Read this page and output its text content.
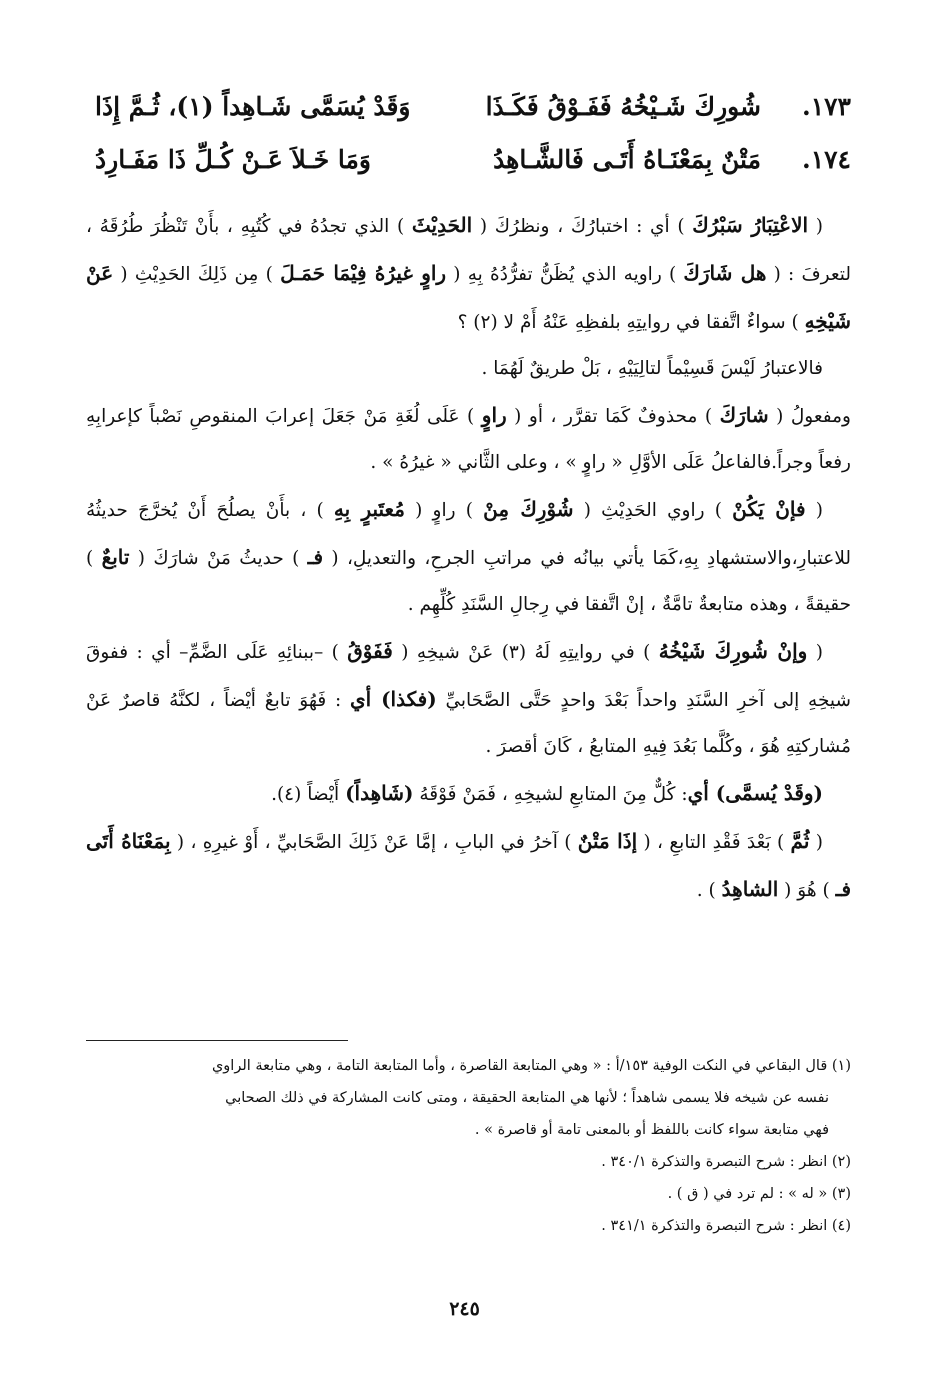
١٧٣.
شُورِكَ شَـيْخُهُ فَفَـوْقُ فَكَـذَا
وَقَدْ يُسَمَّى شَـاهِداً (١)، ثُـمَّ إِذَا
١٧٤.
مَتْنٌ بِمَعْنَـاهُ أَتَـى فَالشَّـاهِدُ
وَمَا خَـلاَ عَـنْ كُـلِّ ذَا مَفَـارِدُ

( الاعْتِبَارُ سَبْرُكَ ) أي : اختبارُكَ ، ونظرُكَ ( الحَدِيْثَ ) الذي تجدُهُ في كُتُبِهِ ، بأَنْ تَنْظُرَ طُرُقَهُ ، لتعرفَ : ( هل شَارَكَ ) راويه الذي يُظَنُّ تفرُّدُهُ بِهِ ( راوٍ غيرُهُ فِيْمَا حَمَـلَ ) مِن ذَلِكَ الحَدِيْثِ ( عَنْ شَيْخِهِ ) سواءٌ اتَّفقا في روايتِهِ بلفظِهِ عَنْهُ أَمْ لا (٢) ؟

فالاعتبارُ لَيْسَ قَسِيْماً لتالِيَيْهِ ، بَلْ طريقٌ لَهُمَا .

ومفعولُ ( شارَكَ ) محذوفٌ كَمَا تقرَّر ، أو ( راوٍ ) عَلَى لُغَةِ مَنْ جَعَلَ إعرابَ المنقوصِ نَصْباً كإعرابِهِ رفعاً وجراً.فالفاعلُ عَلَى الأوَّلِ « راوٍ » ، وعلى الثَّاني « غيرُهُ » .

( فإنْ يَكُنْ ) راوي الحَدِيْثِ ( شُوْرِكَ مِنْ ) راوٍ ( مُعتَبرٍ بِهِ ) ، بأَنْ يصلُحَ أَنْ يُخرَّجَ حديثُهُ للاعتبارِ،والاستشهادِ بِهِ،كَمَا يأتي بيانُه في مراتبِ الجرحِ، والتعديلِ، ( فـ ) حديثُ مَنْ شارَكَ ( تابعٌ ) حقيقةً ، وهذه متابعةٌ تامَّةٌ ، إنْ اتَّفقا في رِجالِ السَّنَدِ كُلِّهِم .

( وإنْ شُورِكَ شَيْخُهُ ) في روايتِهِ لَهُ (٣) عَنْ شيخِهِ ( فَفَوْقُ ) –ببنائِهِ عَلَى الضَّمِّ– أي : ففوقَ شيخِهِ إلى آخرِ السَّنَدِ واحداً بَعْدَ واحدٍ حَتَّى الصَّحَابيِّ (فكذا) أي : فَهُوَ تابعٌ أيْضاً ، لكنَّهُ قاصرٌ عَنْ مُشاركتِهِ هُوَ ، وكُلَّما بَعُدَ فِيهِ المتابعُ ، كَانَ أقصرَ .

(وقَدْ يُسمَّى) أي: كُلٌّ مِنَ المتابعِ لشيخِهِ ، فَمَنْ فَوْقَهُ (شَاهِداً) أَيْضاً (٤).

( ثُمَّ ) بَعْدَ فَقْدِ التابعِ ، ( إذَا مَتْنٌ ) آخرُ في البابِ ، إمَّا عَنْ ذَلِكَ الصَّحَابيِّ ، أَوْ غيرِهِ ، ( بِمَعْنَاهُ أَتَى فـ ) هُوَ ( الشاهِدُ ) .

(١) قال البقاعي في النكت الوفية ١٥٣/أ : « وهي المتابعة القاصرة ، وأما المتابعة التامة ، وهي متابعة الراوي

نفسه عن شيخه فلا يسمى شاهداً ؛ لأنها هي المتابعة الحقيقة ، ومتى كانت المشاركة في ذلك الصحابي

فهي متابعة سواء كانت باللفظ أو بالمعنى تامة أو قاصرة » .

(٢) انظر : شرح التبصرة والتذكرة ٣٤٠/١ .

(٣) « له » : لم ترد في ( ق ) .

(٤) انظر : شرح التبصرة والتذكرة ٣٤١/١ .

٢٤٥
